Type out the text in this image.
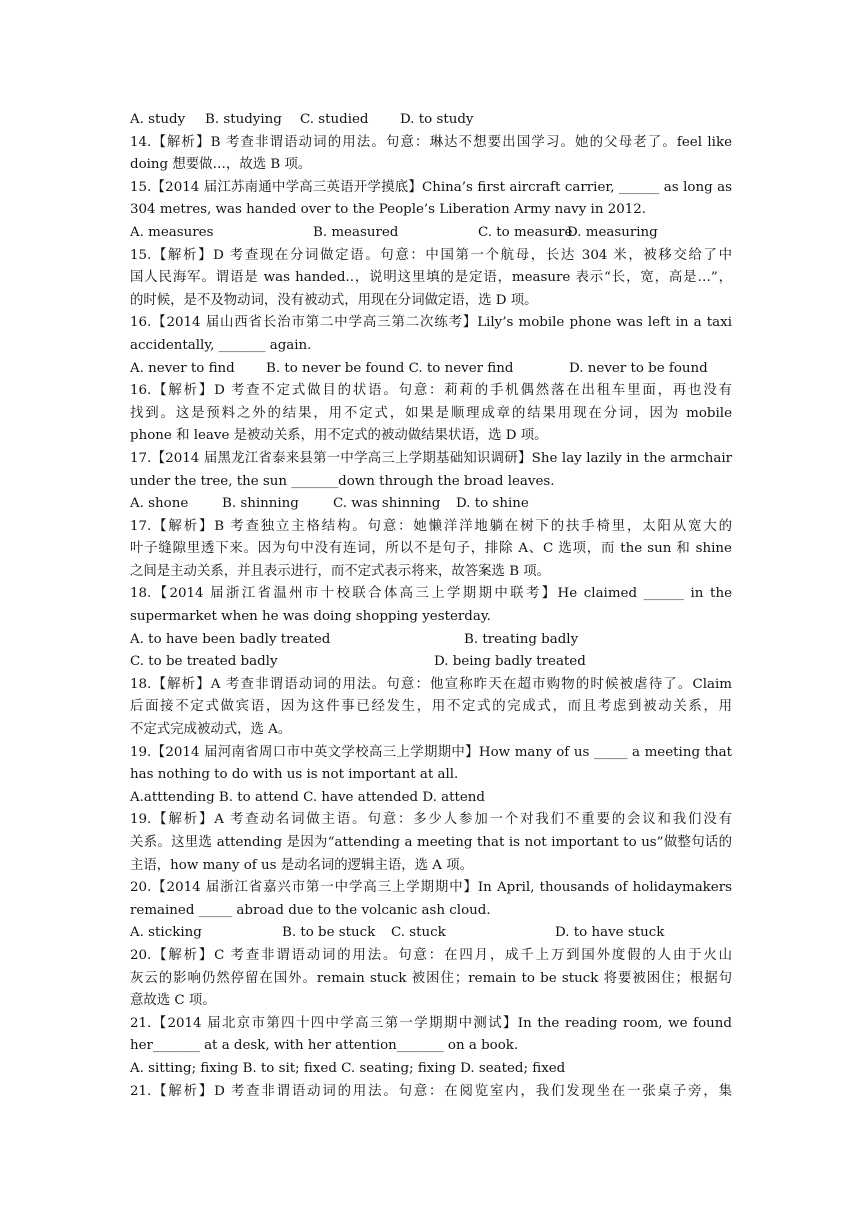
A. study B. studying C. studied D. to study
14.【解析】B 考查非谓语动词的用法。句意：琳达不想要出国学习。她的父母老了。feel like
doing 想要做…，故选 B 项。
15.【2014 届江苏南通中学高三英语开学摸底】China’s first aircraft carrier, ______ as long as
304 metres, was handed over to the People’s Liberation Army navy in 2012.
A. measures	B. measured	C. to measure
D. measuring
15.【解析】D 考查现在分词做定语。句意：中国第一个航母，长达 304 米，被移交给了中
国人民海军。谓语是 was handed..，说明这里填的是定语，measure 表示“长，宽，高是…”，
的时候，是不及物动词，没有被动式，用现在分词做定语，选 D 项。
16.【2014 届山西省长治市第二中学高三第二次练考】Lily’s mobile phone was left in a taxi
accidentally, _______ again.
A. never to find B. to never be found C. to never find	D. never to be found
16.【解析】D 考查不定式做目的状语。句意：莉莉的手机偶然落在出租车里面，再也没有
找到。这是预料之外的结果，用不定式，如果是顺理成章的结果用现在分词，因为 mobile
phone 和 leave 是被动关系，用不定式的被动做结果状语，选 D 项。
17.【2014 届黑龙江省泰来县第一中学高三上学期基础知识调研】She lay lazily in the armchair
under the tree, the sun _______down through the broad leaves.
A. shone	B. shinning	C. was shinning D. to shine
17.【解析】B 考查独立主格结构。句意：她懒洋洋地躺在树下的扶手椅里，太阳从宽大的
叶子缝隙里透下来。因为句中没有连词，所以不是句子，排除 A、C 选项，而 the sun 和 shine
之间是主动关系，并且表示进行，而不定式表示将来，故答案选 B 项。
18.【2014 届浙江省温州市十校联合体高三上学期期中联考】He claimed ______ in the
supermarket when he was doing shopping yesterday.
A. to have been badly treated	B. treating badly
C. to be treated badly	D. being badly treated
18.【解析】A 考查非谓语动词的用法。句意：他宣称昨天在超市购物的时候被虐待了。Claim
后面接不定式做宾语，因为这件事已经发生，用不定式的完成式，而且考虑到被动关系，用
不定式完成被动式，选 A。
19.【2014 届河南省周口市中英文学校高三上学期期中】How many of us _____ a meeting that
has nothing to do with us is not important at all.
A.atttending B. to attend C. have attended D. attend
19.【解析】A 考查动名词做主语。句意：多少人参加一个对我们不重要的会议和我们没有
关系。这里选 attending 是因为“attending a meeting that is not important to us”做整句话的
主语，how many of us 是动名词的逻辑主语，选 A 项。
20.【2014 届浙江省嘉兴市第一中学高三上学期期中】In April, thousands of holidaymakers
remained _____ abroad due to the volcanic ash cloud.
A. sticking	B. to be stuck C. stuck	D. to have stuck
20.【解析】C 考查非谓语动词的用法。句意：在四月，成千上万到国外度假的人由于火山
灰云的影响仍然停留在国外。remain stuck 被困住；remain to be stuck 将要被困住；根据句
意故选 C 项。
21.【2014 届北京市第四十四中学高三第一学期期中测试】In the reading room, we found
her_______ at a desk, with her attention_______ on a book.
A. sitting; fixing B. to sit; fixed C. seating; fixing D. seated; fixed
21.【解析】D 考查非谓语动词的用法。句意：在阅览室内，我们发现坐在一张桌子旁，集
